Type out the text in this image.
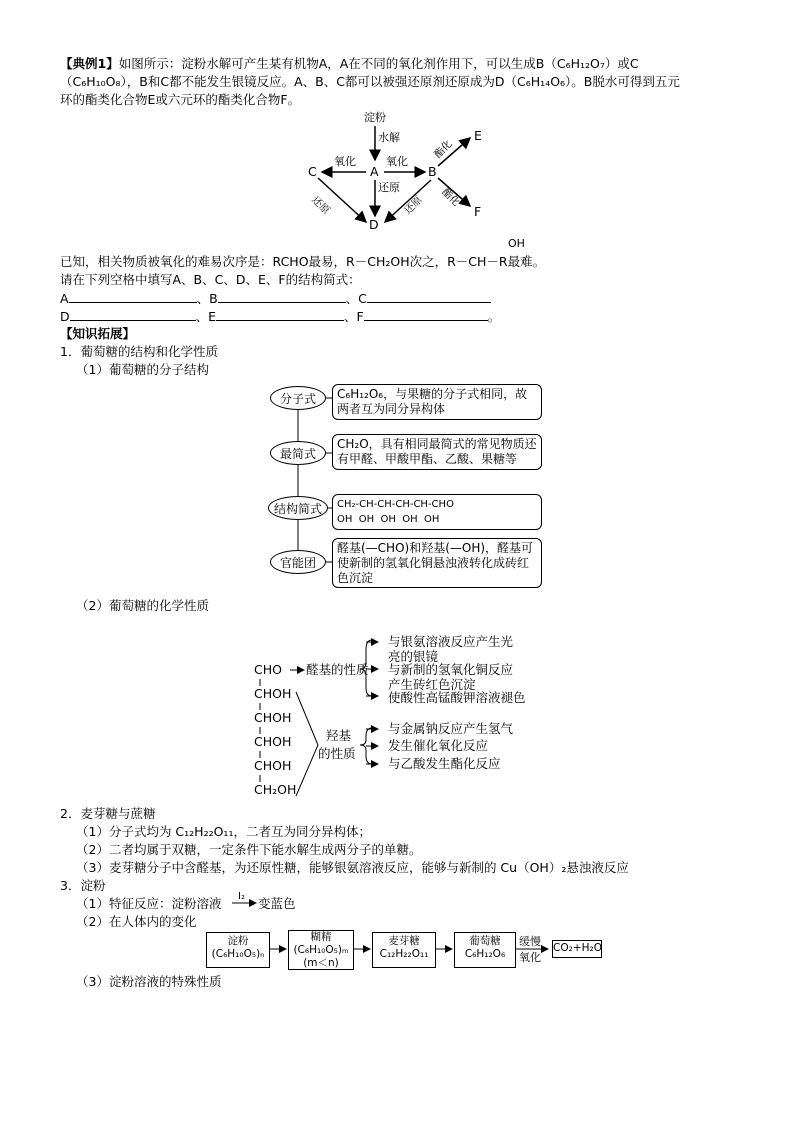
【典例1】如图所示：淀粉水解可产生某有机物A，A在不同的氧化剂作用下，可以生成B（C₆H₁₂O₇）或C
（C₆H₁₀O₈），B和C都不能发生银镜反应。A、B、C都可以被强还原剂还原成为D（C₆H₁₄O₆）。B脱水可得到五元
环的酯类化合物E或六元环的酯类化合物F。
淀粉
水解
A	B
C
D
E
F
氧化	氧化
还原
还原	还原
酯化
酯化
OH
已知，相关物质被氧化的难易次序是：RCHO最易，R－CH₂OH次之，R－CH－R最难。
请在下列空格中填写A、B、C、D、E、F的结构简式：
A	、B	、C
D	、E	、F	。
【知识拓展】
1．葡萄糖的结构和化学性质
（1）葡萄糖的分子结构
分子式
最简式
结构简式
官能团
C₆H₁₂O₆，与果糖的分子式相同，故两者互为同分异构体
CH₂O，具有相同最简式的常见物质还有甲醛、甲酸甲酯、乙酸、果糖等
CH₂-CH-CH-CH-CH-CHO
OH  OH  OH  OH  OH
醛基(—CHO)和羟基(—OH)，醛基可使新制的氢氧化铜悬浊液转化成砖红色沉淀
（2）葡萄糖的化学性质
CHO
CHOH
CHOH
CHOH
CHOH
CH₂OH
醛基的性质
与银氨溶液反应产生光
亮的银镜
与新制的氢氧化铜反应
产生砖红色沉淀
使酸性高锰酸钾溶液褪色
羟基
的性质
与金属钠反应产生氢气
发生催化氧化反应
与乙酸发生酯化反应
2．麦芽糖与蔗糖
（1）分子式均为 C₁₂H₂₂O₁₁，二者互为同分异构体；
（2）二者均属于双糖，一定条件下能水解生成两分子的单糖。
（3）麦芽糖分子中含醛基，为还原性糖，能够银氨溶液反应，能够与新制的 Cu（OH）₂悬浊液反应
3．淀粉
（1）特征反应：淀粉溶液 I₂ 变蓝色
（2）在人体内的变化
淀粉
(C₆H₁₀O₅)ₙ
糊精
(C₆H₁₀O₅)ₘ
(m＜n)
麦芽糖
C₁₂H₂₂O₁₁
葡萄糖
C₆H₁₂O₆
缓慢
氧化
CO₂+H₂O
（3）淀粉溶液的特殊性质
